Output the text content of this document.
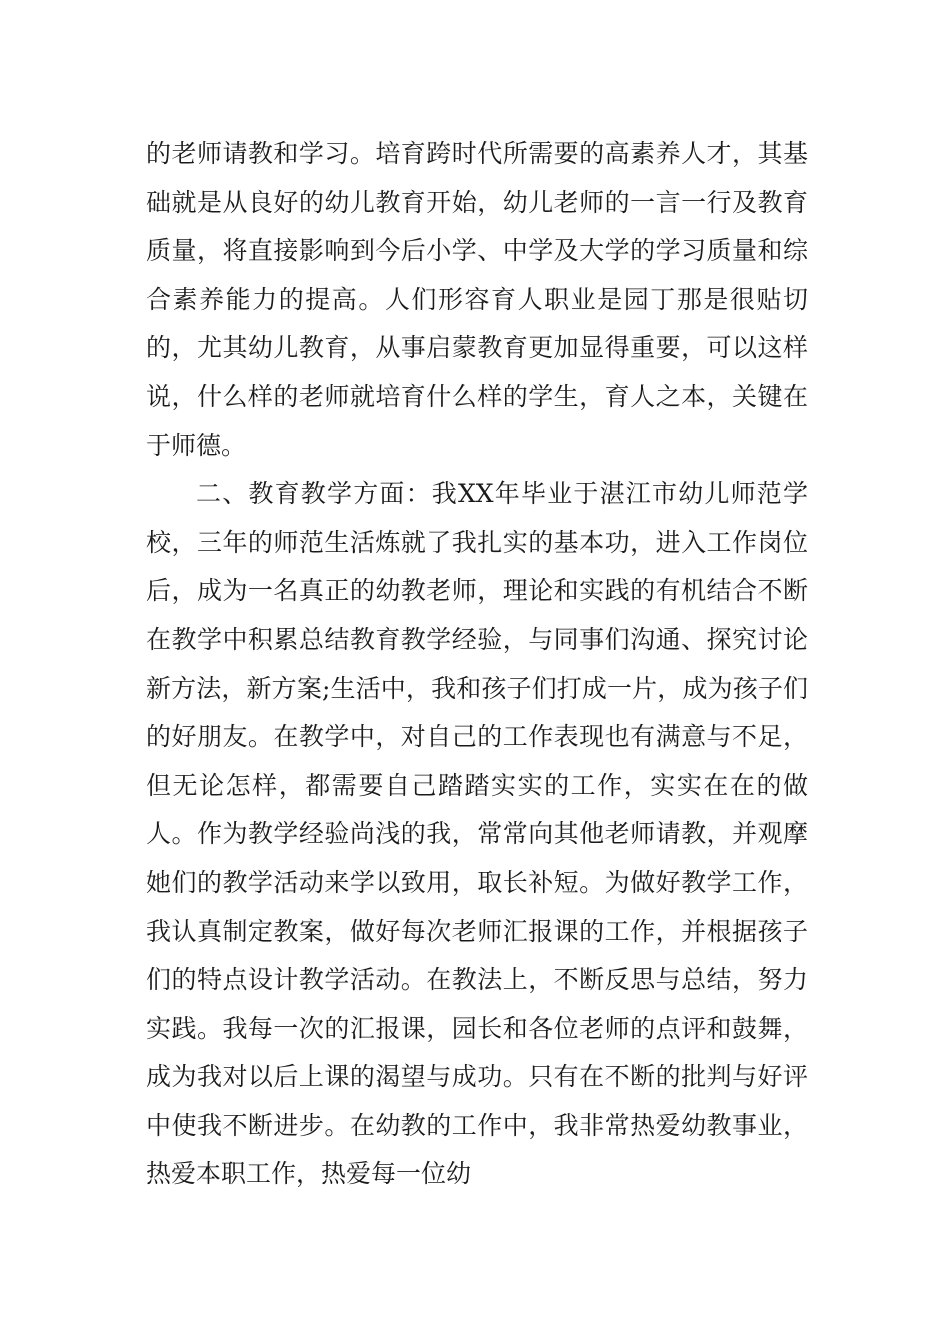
的老师请教和学习。培育跨时代所需要的高素养人才，其基础就是从良好的幼儿教育开始，幼儿老师的一言一行及教育质量，将直接影响到今后小学、中学及大学的学习质量和综合素养能力的提高。人们形容育人职业是园丁那是很贴切的，尤其幼儿教育，从事启蒙教育更加显得重要，可以这样说，什么样的老师就培育什么样的学生，育人之本，关键在于师德。

二、教育教学方面：我XX年毕业于湛江市幼儿师范学校，三年的师范生活炼就了我扎实的基本功，进入工作岗位后，成为一名真正的幼教老师，理论和实践的有机结合不断在教学中积累总结教育教学经验，与同事们沟通、探究讨论新方法，新方案;生活中，我和孩子们打成一片，成为孩子们的好朋友。在教学中，对自己的工作表现也有满意与不足，但无论怎样，都需要自己踏踏实实的工作，实实在在的做人。作为教学经验尚浅的我，常常向其他老师请教，并观摩她们的教学活动来学以致用，取长补短。为做好教学工作，我认真制定教案，做好每次老师汇报课的工作，并根据孩子们的特点设计教学活动。在教法上，不断反思与总结，努力实践。我每一次的汇报课，园长和各位老师的点评和鼓舞，成为我对以后上课的渴望与成功。只有在不断的批判与好评中使我不断进步。在幼教的工作中，我非常热爱幼教事业，热爱本职工作，热爱每一位幼
